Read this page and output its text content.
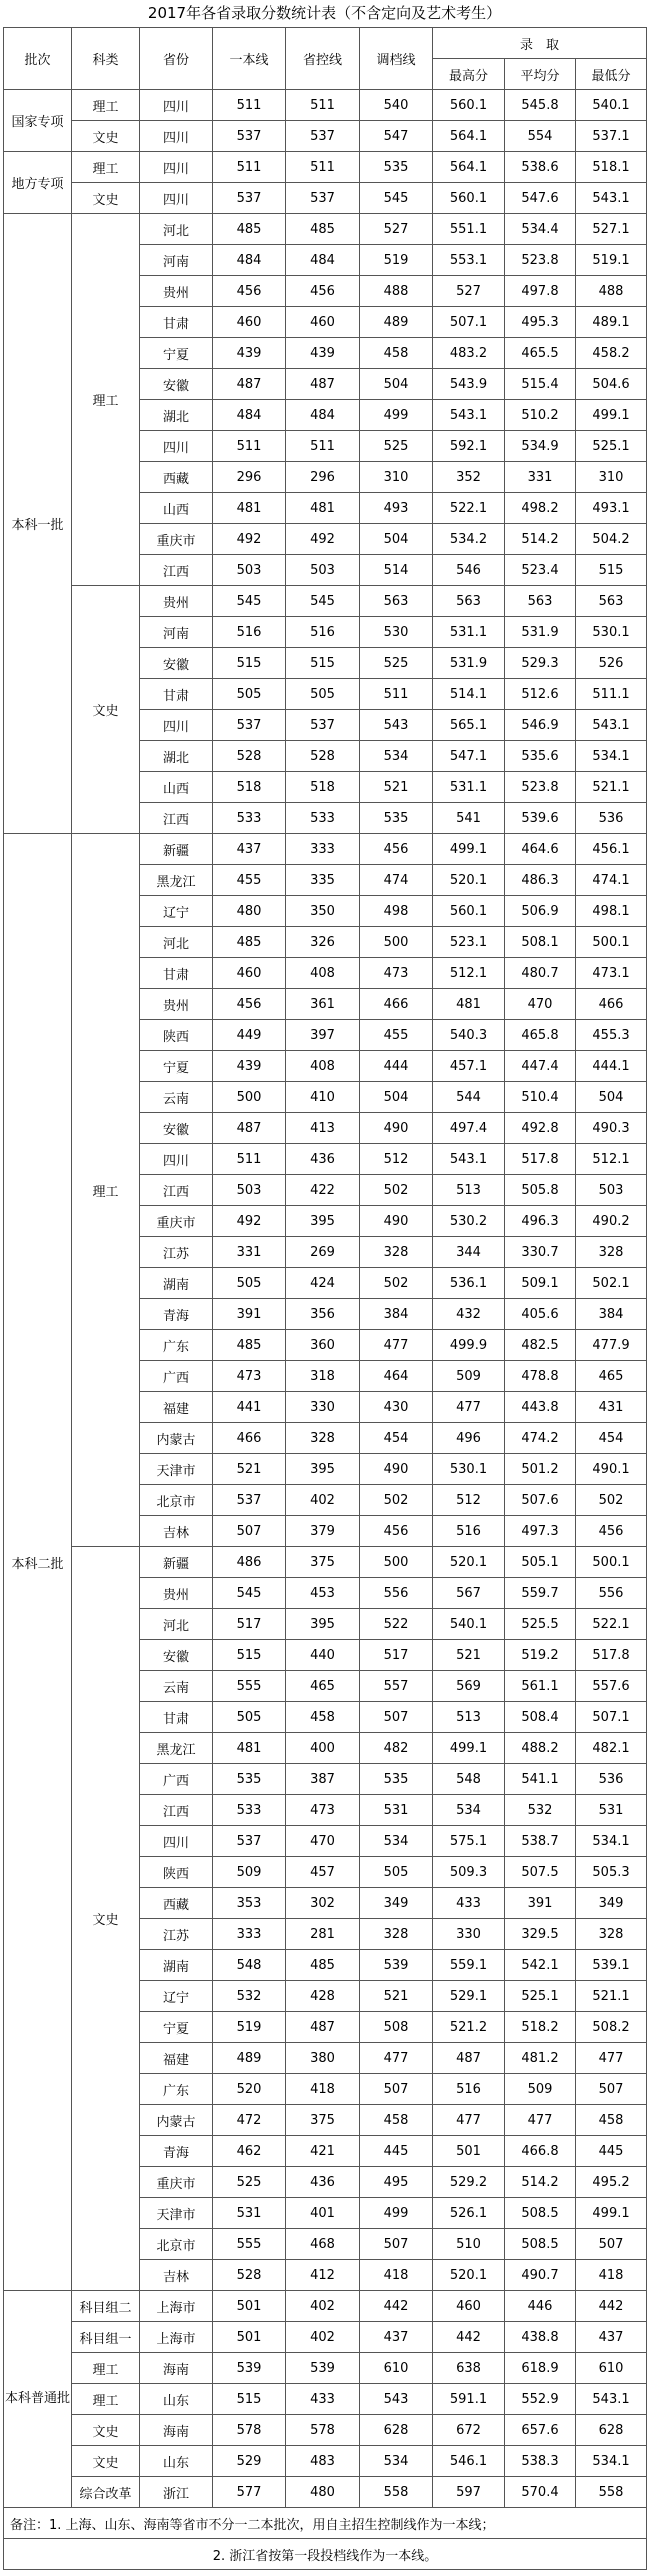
2017年各省录取分数统计表（不含定向及艺术考生）
批次	科类	省份	一本线	省控线	调档线	录　取		
						最高分	平均分	最低分
国家专项	理工	四川	511	511	540	560.1	545.8	540.1
	文史	四川	537	537	547	564.1	554	537.1
地方专项	理工	四川	511	511	535	564.1	538.6	518.1
	文史	四川	537	537	545	560.1	547.6	543.1
本科一批	理工	河北	485	485	527	551.1	534.4	527.1
		河南	484	484	519	553.1	523.8	519.1
		贵州	456	456	488	527	497.8	488
		甘肃	460	460	489	507.1	495.3	489.1
		宁夏	439	439	458	483.2	465.5	458.2
		安徽	487	487	504	543.9	515.4	504.6
		湖北	484	484	499	543.1	510.2	499.1
		四川	511	511	525	592.1	534.9	525.1
		西藏	296	296	310	352	331	310
		山西	481	481	493	522.1	498.2	493.1
		重庆市	492	492	504	534.2	514.2	504.2
		江西	503	503	514	546	523.4	515
	文史	贵州	545	545	563	563	563	563
		河南	516	516	530	531.1	531.9	530.1
		安徽	515	515	525	531.9	529.3	526
		甘肃	505	505	511	514.1	512.6	511.1
		四川	537	537	543	565.1	546.9	543.1
		湖北	528	528	534	547.1	535.6	534.1
		山西	518	518	521	531.1	523.8	521.1
		江西	533	533	535	541	539.6	536
本科二批	理工	新疆	437	333	456	499.1	464.6	456.1
		黑龙江	455	335	474	520.1	486.3	474.1
		辽宁	480	350	498	560.1	506.9	498.1
		河北	485	326	500	523.1	508.1	500.1
		甘肃	460	408	473	512.1	480.7	473.1
		贵州	456	361	466	481	470	466
		陕西	449	397	455	540.3	465.8	455.3
		宁夏	439	408	444	457.1	447.4	444.1
		云南	500	410	504	544	510.4	504
		安徽	487	413	490	497.4	492.8	490.3
		四川	511	436	512	543.1	517.8	512.1
		江西	503	422	502	513	505.8	503
		重庆市	492	395	490	530.2	496.3	490.2
		江苏	331	269	328	344	330.7	328
		湖南	505	424	502	536.1	509.1	502.1
		青海	391	356	384	432	405.6	384
		广东	485	360	477	499.9	482.5	477.9
		广西	473	318	464	509	478.8	465
		福建	441	330	430	477	443.8	431
		内蒙古	466	328	454	496	474.2	454
		天津市	521	395	490	530.1	501.2	490.1
		北京市	537	402	502	512	507.6	502
		吉林	507	379	456	516	497.3	456
	文史	新疆	486	375	500	520.1	505.1	500.1
		贵州	545	453	556	567	559.7	556
		河北	517	395	522	540.1	525.5	522.1
		安徽	515	440	517	521	519.2	517.8
		云南	555	465	557	569	561.1	557.6
		甘肃	505	458	507	513	508.4	507.1
		黑龙江	481	400	482	499.1	488.2	482.1
		广西	535	387	535	548	541.1	536
		江西	533	473	531	534	532	531
		四川	537	470	534	575.1	538.7	534.1
		陕西	509	457	505	509.3	507.5	505.3
		西藏	353	302	349	433	391	349
		江苏	333	281	328	330	329.5	328
		湖南	548	485	539	559.1	542.1	539.1
		辽宁	532	428	521	529.1	525.1	521.1
		宁夏	519	487	508	521.2	518.2	508.2
		福建	489	380	477	487	481.2	477
		广东	520	418	507	516	509	507
		内蒙古	472	375	458	477	477	458
		青海	462	421	445	501	466.8	445
		重庆市	525	436	495	529.2	514.2	495.2
		天津市	531	401	499	526.1	508.5	499.1
		北京市	555	468	507	510	508.5	507
		吉林	528	412	418	520.1	490.7	418
本科普通批	科目组二	上海市	501	402	442	460	446	442
	科目组一	上海市	501	402	437	442	438.8	437
	理工	海南	539	539	610	638	618.9	610
	理工	山东	515	433	543	591.1	552.9	543.1
	文史	海南	578	578	628	672	657.6	628
	文史	山东	529	483	534	546.1	538.3	534.1
	综合改革	浙江	577	480	558	597	570.4	558
备注：1. 上海、山东、海南等省市不分一二本批次，用自主招生控制线作为一本线；								
2. 浙江省按第一段投档线作为一本线。								
